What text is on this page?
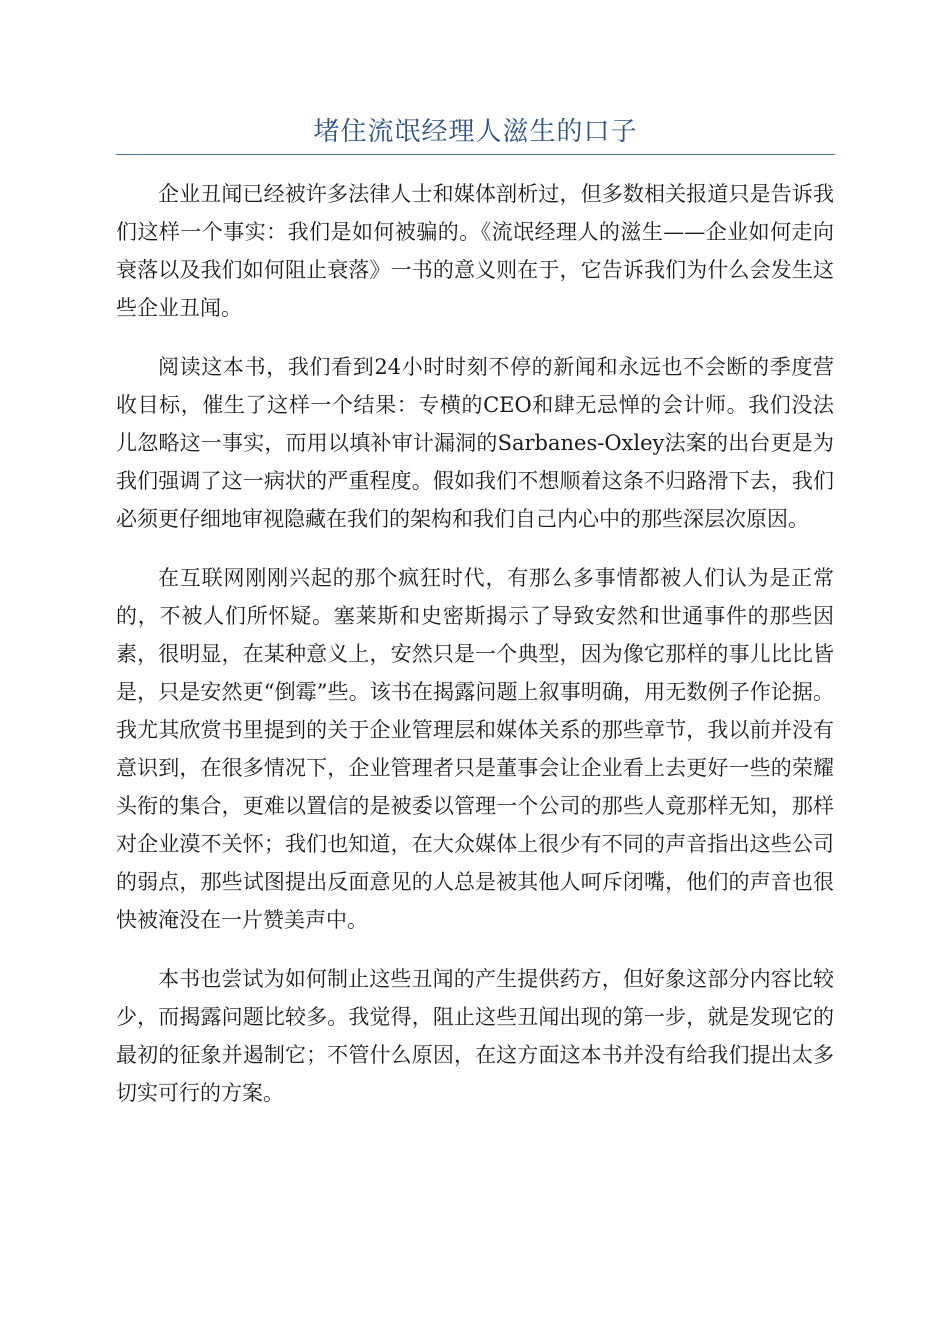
堵住流氓经理人滋生的口子

企业丑闻已经被许多法律人士和媒体剖析过，但多数相关报道只是告诉我们这样一个事实：我们是如何被骗的。《流氓经理人的滋生——企业如何走向衰落以及我们如何阻止衰落》一书的意义则在于，它告诉我们为什么会发生这些企业丑闻。

阅读这本书，我们看到24小时时刻不停的新闻和永远也不会断的季度营收目标，催生了这样一个结果：专横的CEO和肆无忌惮的会计师。我们没法儿忽略这一事实，而用以填补审计漏洞的Sarbanes-Oxley法案的出台更是为我们强调了这一病状的严重程度。假如我们不想顺着这条不归路滑下去，我们必须更仔细地审视隐藏在我们的架构和我们自己内心中的那些深层次原因。

在互联网刚刚兴起的那个疯狂时代，有那么多事情都被人们认为是正常的，不被人们所怀疑。塞莱斯和史密斯揭示了导致安然和世通事件的那些因素，很明显，在某种意义上，安然只是一个典型，因为像它那样的事儿比比皆是，只是安然更“倒霉”些。该书在揭露问题上叙事明确，用无数例子作论据。我尤其欣赏书里提到的关于企业管理层和媒体关系的那些章节，我以前并没有意识到，在很多情况下，企业管理者只是董事会让企业看上去更好一些的荣耀头衔的集合，更难以置信的是被委以管理一个公司的那些人竟那样无知，那样对企业漠不关怀；我们也知道，在大众媒体上很少有不同的声音指出这些公司的弱点，那些试图提出反面意见的人总是被其他人呵斥闭嘴，他们的声音也很快被淹没在一片赞美声中。

本书也尝试为如何制止这些丑闻的产生提供药方，但好象这部分内容比较少，而揭露问题比较多。我觉得，阻止这些丑闻出现的第一步，就是发现它的最初的征象并遏制它；不管什么原因，在这方面这本书并没有给我们提出太多切实可行的方案。
